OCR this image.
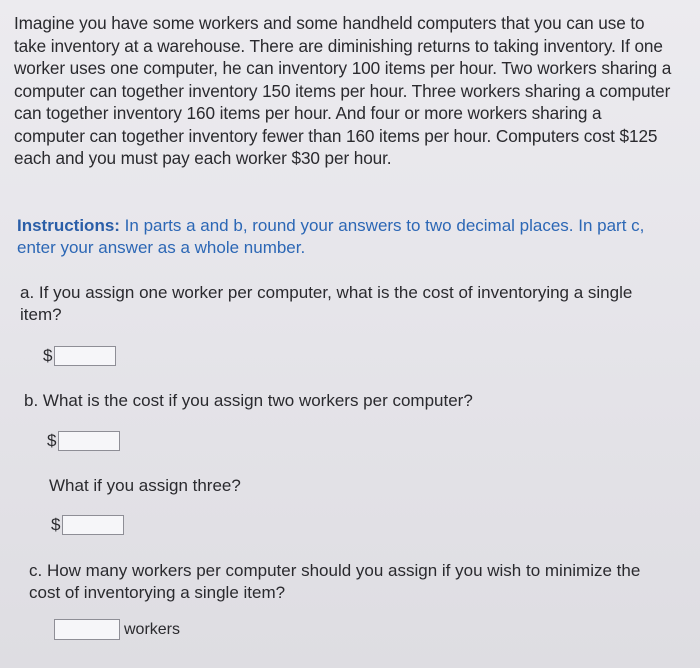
Imagine you have some workers and some handheld computers that you can use to take inventory at a warehouse. There are diminishing returns to taking inventory. If one worker uses one computer, he can inventory 100 items per hour. Two workers sharing a computer can together inventory 150 items per hour. Three workers sharing a computer can together inventory 160 items per hour. And four or more workers sharing a computer can together inventory fewer than 160 items per hour. Computers cost $125 each and you must pay each worker $30 per hour.

Instructions: In parts a and b, round your answers to two decimal places. In part c, enter your answer as a whole number.

a. If you assign one worker per computer, what is the cost of inventorying a single item?

$

b. What is the cost if you assign two workers per computer?

$

What if you assign three?

$

c. How many workers per computer should you assign if you wish to minimize the cost of inventorying a single item?

workers
